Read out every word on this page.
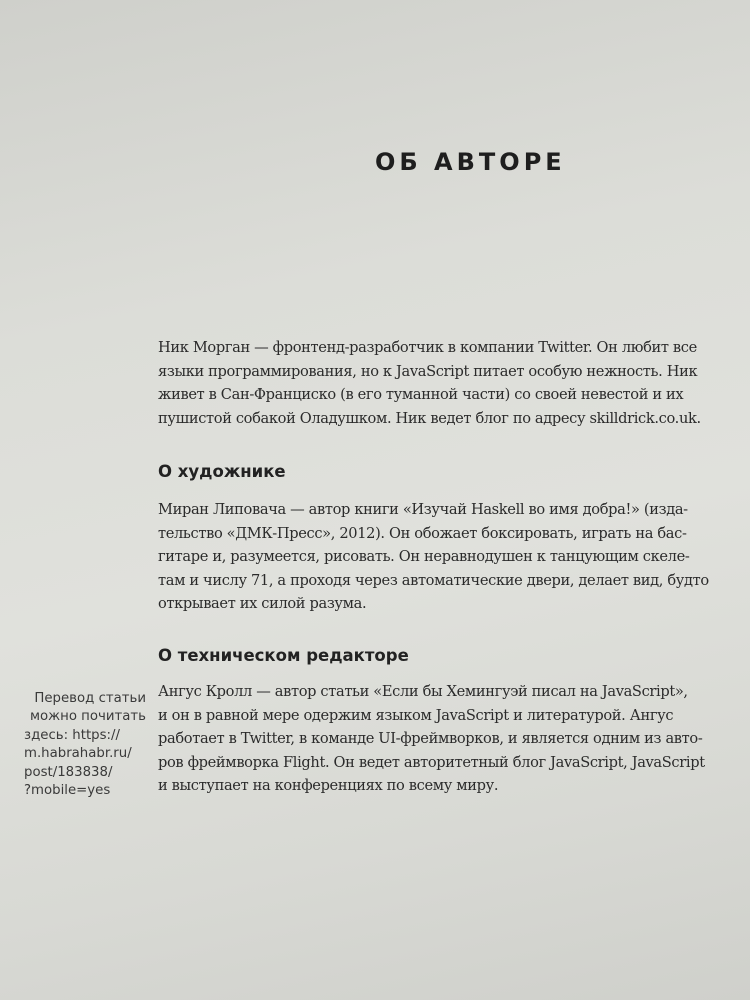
ОБ АВТОРЕ

Ник Морган — фронтенд-разработчик в компании Twitter. Он любит все
языки программирования, но к JavaScript питает особую нежность. Ник
живет в Сан-Франциско (в его туманной части) со своей невестой и их
пушистой собакой Оладушком. Ник ведет блог по адресу skilldrick.co.uk.

О художнике

Миран Липовача — автор книги «Изучай Haskell во имя добра!» (изда-
тельство «ДМК-Пресс», 2012). Он обожает боксировать, играть на бас-
гитаре и, разумеется, рисовать. Он неравнодушен к танцующим скеле-
там и числу 71, а проходя через автоматические двери, делает вид, будто
открывает их силой разума.

О техническом редакторе

Ангус Кролл — автор статьи «Если бы Хемингуэй писал на JavaScript»,
и он в равной мере одержим языком JavaScript и литературой. Ангус
работает в Twitter, в команде UI-фреймворков, и является одним из авто-
ров фреймворка Flight. Он ведет авторитетный блог JavaScript, JavaScript
и выступает на конференциях по всему миру.

Перевод статьи
можно почитать
здесь: https://
m.habrahabr.ru/
post/183838/
?mobile=yes
